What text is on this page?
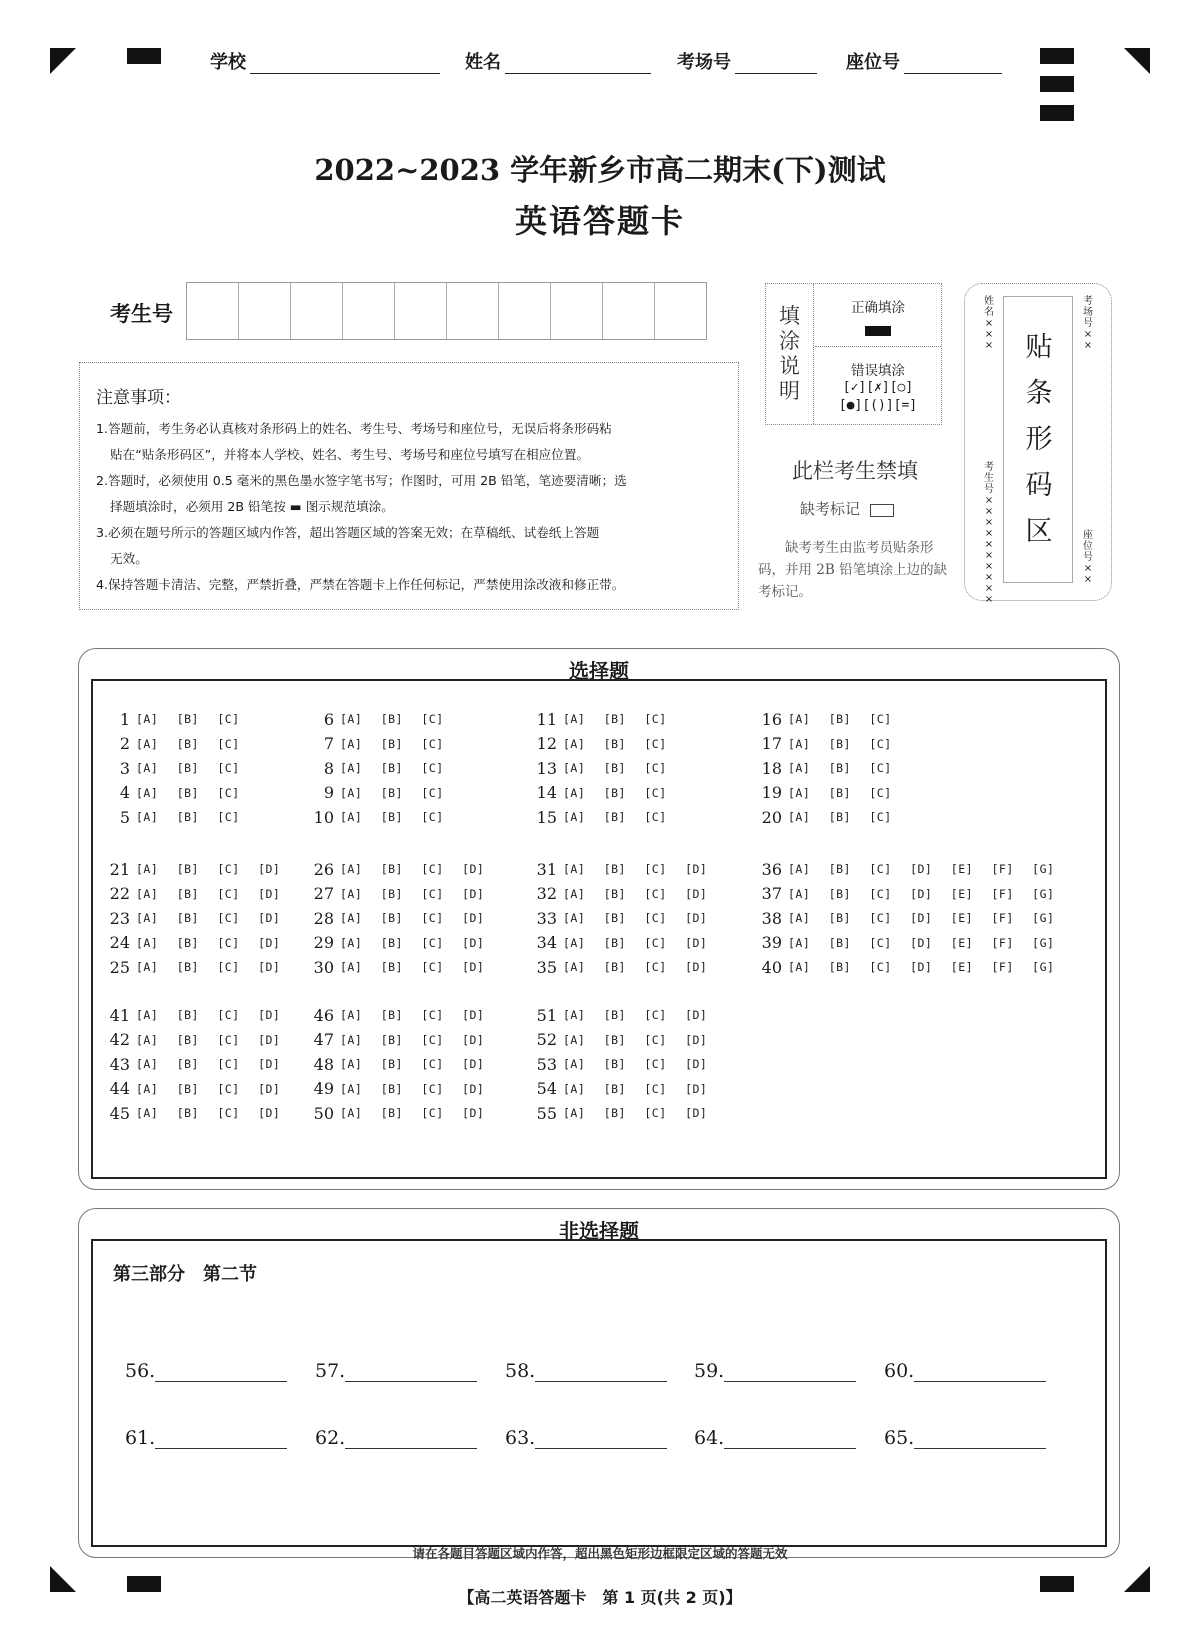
学校	姓名	考场号	座位号
2022~2023 学年新乡市高二期末(下)测试
英语答题卡
考生号
注意事项：

1.答题前，考生务必认真核对条形码上的姓名、考生号、考场号和座位号，无误后将条形码粘

贴在“贴条形码区”，并将本人学校、姓名、考生号、考场号和座位号填写在相应位置。

2.答题时，必须使用 0.5 毫米的黑色墨水签字笔书写；作图时，可用 2B 铅笔，笔迹要清晰；选

择题填涂时，必须用 2B 铅笔按 ▬ 图示规范填涂。

3.必须在题号所示的答题区域内作答，超出答题区域的答案无效；在草稿纸、试卷纸上答题

无效。

4.保持答题卡清洁、完整，严禁折叠，严禁在答题卡上作任何标记，严禁使用涂改液和修正带。

填涂说明
正确填涂
错误填涂
[✓][✗][○]
[●][()][=]
此栏考生禁填
缺考标记
缺考考生由监考员贴条形码，并用 2B 铅笔填涂上边的缺考标记。
贴条形码区
姓名×××
考场号××
考生号××××××××××
座位号××
选择题
1 [A] [B] [C]
2 [A] [B] [C]
3 [A] [B] [C]
4 [A] [B] [C]
5 [A] [B] [C]
6 [A] [B] [C]
7 [A] [B] [C]
8 [A] [B] [C]
9 [A] [B] [C]
10 [A] [B] [C]
11 [A] [B] [C]
12 [A] [B] [C]
13 [A] [B] [C]
14 [A] [B] [C]
15 [A] [B] [C]
16 [A] [B] [C]
17 [A] [B] [C]
18 [A] [B] [C]
19 [A] [B] [C]
20 [A] [B] [C]
21 [A] [B] [C] [D]
22 [A] [B] [C] [D]
23 [A] [B] [C] [D]
24 [A] [B] [C] [D]
25 [A] [B] [C] [D]
26 [A] [B] [C] [D]
27 [A] [B] [C] [D]
28 [A] [B] [C] [D]
29 [A] [B] [C] [D]
30 [A] [B] [C] [D]
31 [A] [B] [C] [D]
32 [A] [B] [C] [D]
33 [A] [B] [C] [D]
34 [A] [B] [C] [D]
35 [A] [B] [C] [D]
36 [A] [B] [C] [D] [E] [F] [G]
37 [A] [B] [C] [D] [E] [F] [G]
38 [A] [B] [C] [D] [E] [F] [G]
39 [A] [B] [C] [D] [E] [F] [G]
40 [A] [B] [C] [D] [E] [F] [G]
41 [A] [B] [C] [D]
42 [A] [B] [C] [D]
43 [A] [B] [C] [D]
44 [A] [B] [C] [D]
45 [A] [B] [C] [D]
46 [A] [B] [C] [D]
47 [A] [B] [C] [D]
48 [A] [B] [C] [D]
49 [A] [B] [C] [D]
50 [A] [B] [C] [D]
51 [A] [B] [C] [D]
52 [A] [B] [C] [D]
53 [A] [B] [C] [D]
54 [A] [B] [C] [D]
55 [A] [B] [C] [D]
非选择题
第三部分　第二节
56.	57.	58.	59.	60.
61.	62.	63.	64.	65.
请在各题目答题区域内作答，超出黑色矩形边框限定区域的答题无效
【高二英语答题卡　第 1 页(共 2 页)】
